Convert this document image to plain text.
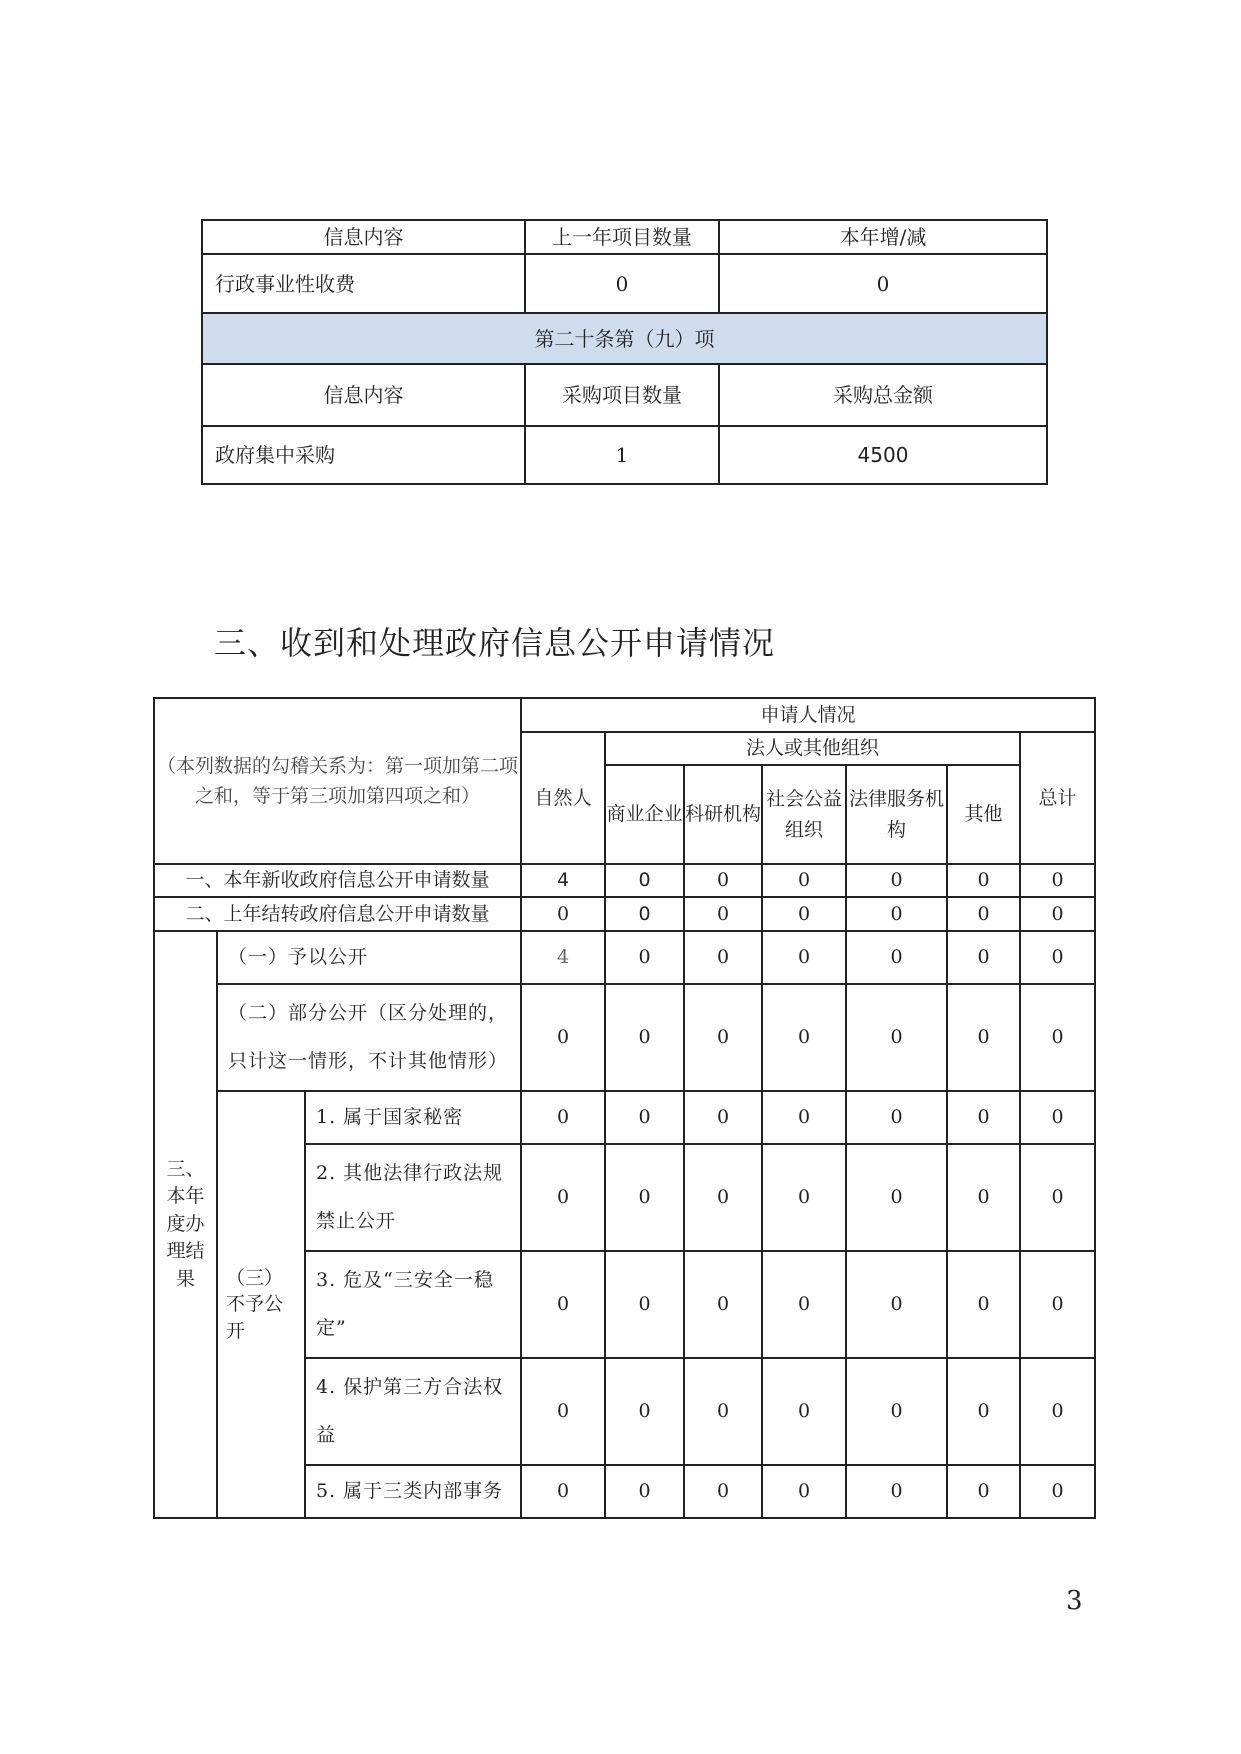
信息内容	上一年项目数量	本年增/减
行政事业性收费	0	0
第二十条第（九）项		
信息内容	采购项目数量	采购总金额
政府集中采购	1	4500
三、收到和处理政府信息公开申请情况
（本列数据的勾稽关系为：第一项加第二项之和，等于第三项加第四项之和）			申请人情况						
			自然人	法人或其他组织					总计
				商业企业	科研机构	社会公益组织	法律服务机构	其他	
一、本年新收政府信息公开申请数量			4	0	0	0	0	0	0
二、上年结转政府信息公开申请数量			0	0	0	0	0	0	0
三、本年度办理结果	（一）予以公开		4	0	0	0	0	0	0
	（二）部分公开（区分处理的，只计这一情形，不计其他情形）		0	0	0	0	0	0	0
	（三）不予公开	1. 属于国家秘密	0	0	0	0	0	0	0
		2. 其他法律行政法规禁止公开	0	0	0	0	0	0	0
		3. 危及“三安全一稳定”	0	0	0	0	0	0	0
		4. 保护第三方合法权益	0	0	0	0	0	0	0
		5. 属于三类内部事务	0	0	0	0	0	0	0
3
